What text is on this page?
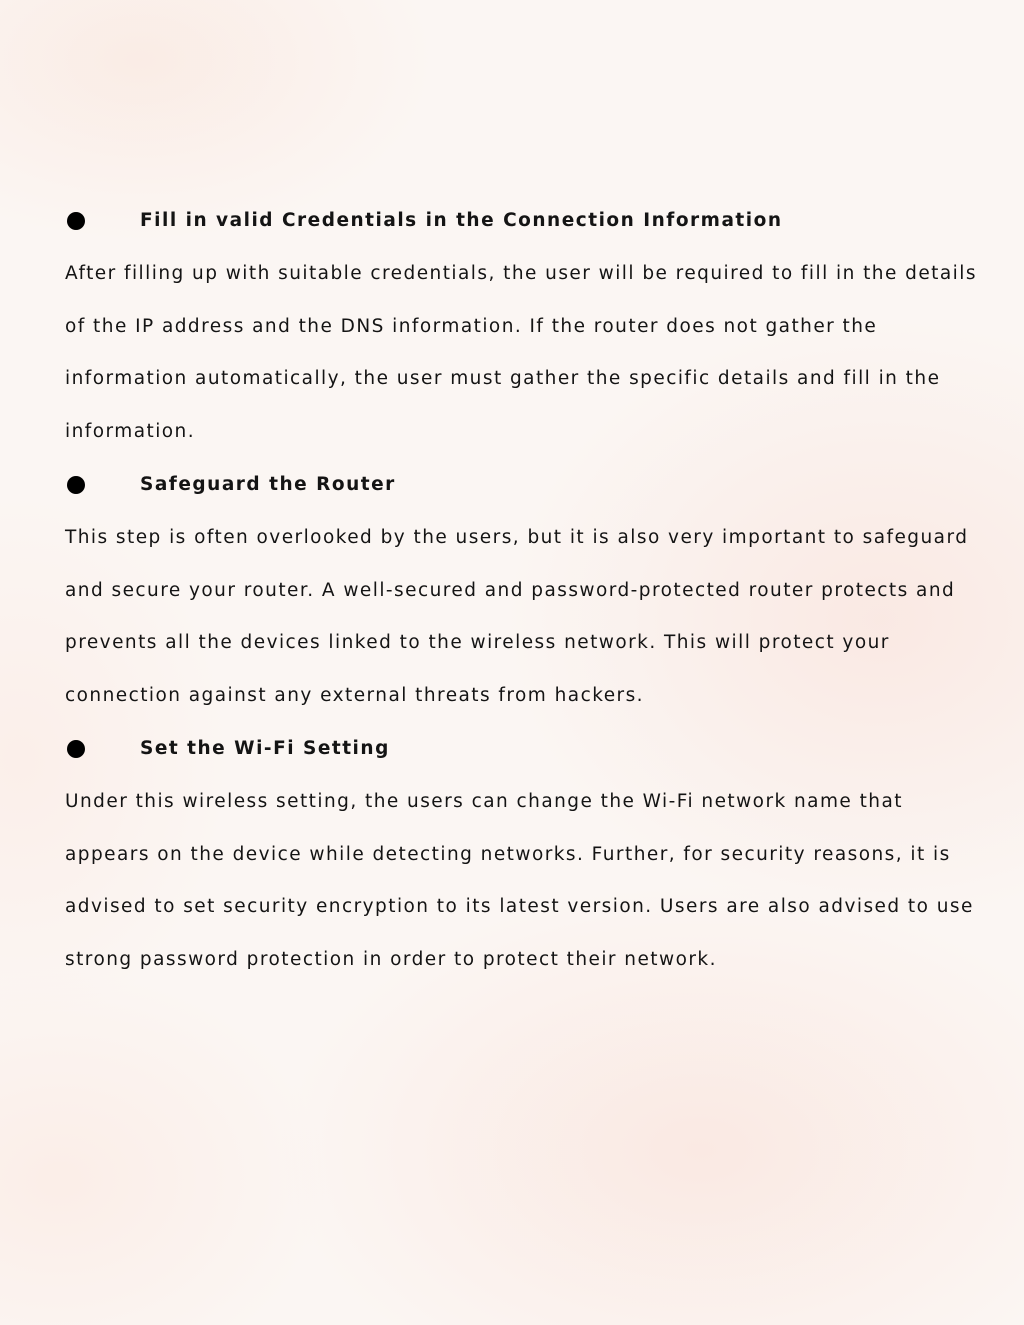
Fill in valid Credentials in the Connection Information
After filling up with suitable credentials, the user will be required to fill in the details
of the IP address and the DNS information. If the router does not gather the
information automatically, the user must gather the specific details and fill in the
information.
Safeguard the Router
This step is often overlooked by the users, but it is also very important to safeguard
and secure your router. A well-secured and password-protected router protects and
prevents all the devices linked to the wireless network. This will protect your
connection against any external threats from hackers.
Set the Wi-Fi Setting
Under this wireless setting, the users can change the Wi-Fi network name that
appears on the device while detecting networks. Further, for security reasons, it is
advised to set security encryption to its latest version. Users are also advised to use
strong password protection in order to protect their network.
